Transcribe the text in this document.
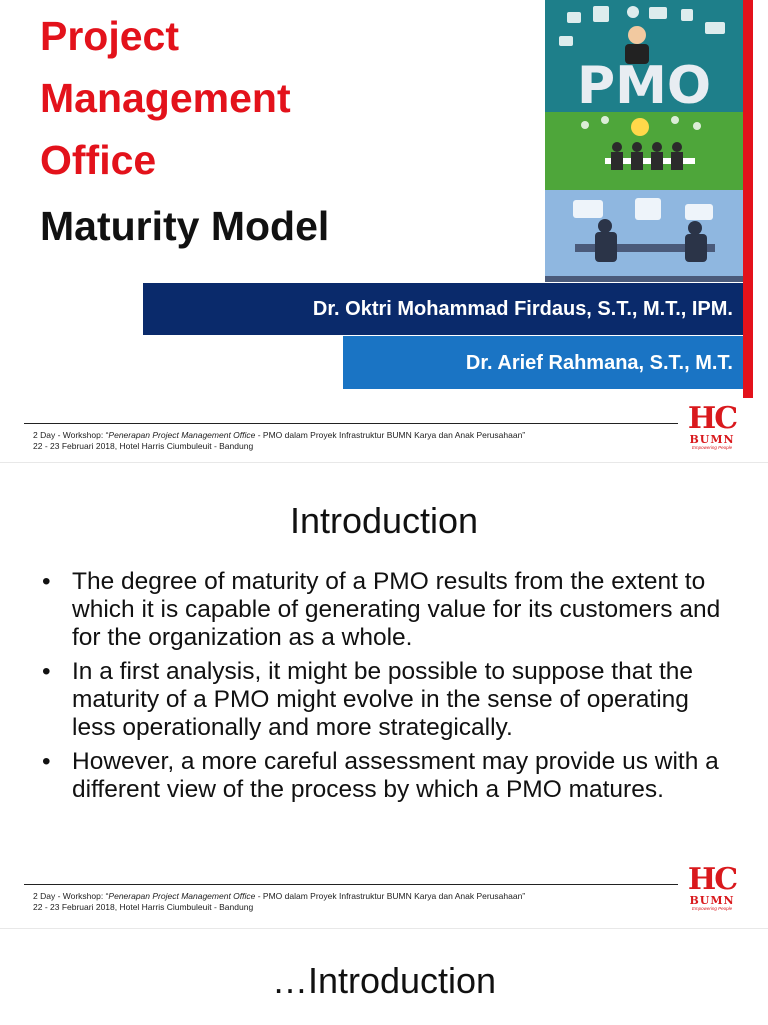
Project
Management
Office
Maturity Model
PMO
Dr. Oktri Mohammad Firdaus, S.T., M.T., IPM.
Dr. Arief Rahmana, S.T., M.T.
2 Day - Workshop: “Penerapan Project Management Office - PMO dalam Proyek Infrastruktur BUMN Karya dan Anak Perusahaan”
22 - 23 Februari 2018, Hotel Harris Ciumbuleuit - Bandung
HC
BUMN
Empowering People
2 Day - Workshop: “Penerapan Project Management Office - PMO dalam Proyek Infrastruktur BUMN Karya dan Anak Perusahaan”
22 - 23 Februari 2018, Hotel Harris Ciumbuleuit - Bandung
HC
BUMN
Empowering People
Introduction
• The degree of maturity of a PMO results from the extent to which it is capable of generating value for its customers and for the organization as a whole.
• In a first analysis, it might be possible to suppose that the maturity of a PMO might evolve in the sense of operating less operationally and more strategically.
• However, a more careful assessment may provide us with a different view of the process by which a PMO matures.
…Introduction
